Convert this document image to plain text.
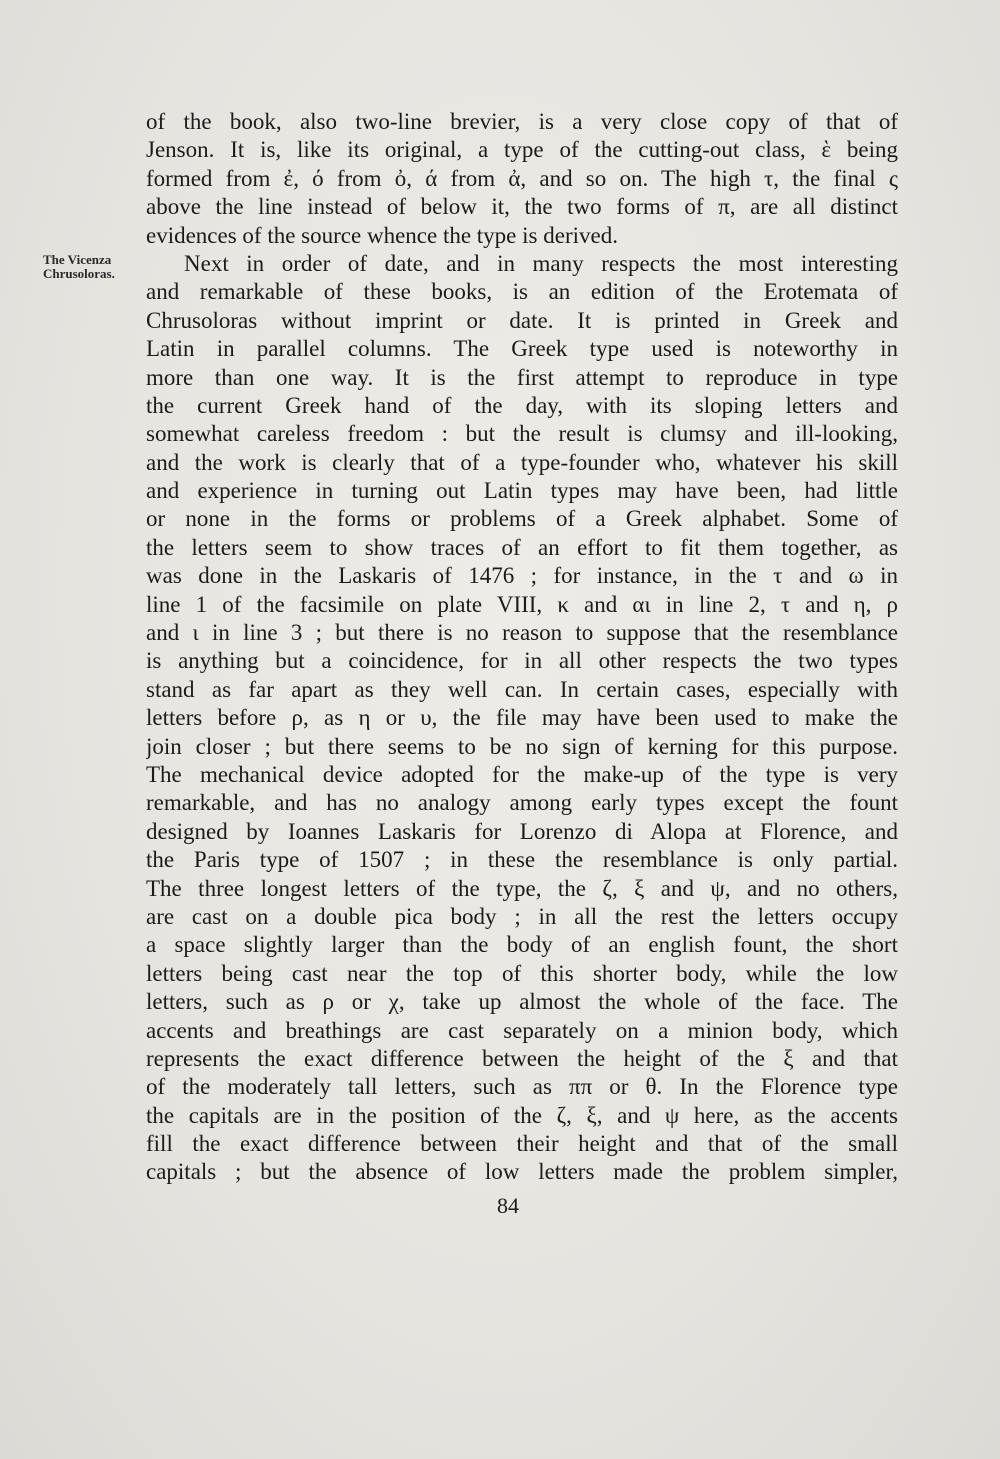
The Vicenza
Chrusoloras.
of the book, also two-line brevier, is a very close copy of that of
Jenson. It is, like its original, a type of the cutting-out class, ὲ being
formed from ἐ, ό from ὀ, ά from ἀ, and so on. The high τ, the final ς
above the line instead of below it, the two forms of π, are all distinct
evidences of the source whence the type is derived.
Next in order of date, and in many respects the most interesting
and remarkable of these books, is an edition of the Erotemata of
Chrusoloras without imprint or date. It is printed in Greek and
Latin in parallel columns. The Greek type used is noteworthy in
more than one way. It is the first attempt to reproduce in type
the current Greek hand of the day, with its sloping letters and
somewhat careless freedom : but the result is clumsy and ill-looking,
and the work is clearly that of a type-founder who, whatever his skill
and experience in turning out Latin types may have been, had little
or none in the forms or problems of a Greek alphabet. Some of
the letters seem to show traces of an effort to fit them together, as
was done in the Laskaris of 1476 ; for instance, in the τ and ω in
line 1 of the facsimile on plate VIII, κ and αι in line 2, τ and η, ρ
and ι in line 3 ; but there is no reason to suppose that the resemblance
is anything but a coincidence, for in all other respects the two types
stand as far apart as they well can. In certain cases, especially with
letters before ρ, as η or υ, the file may have been used to make the
join closer ; but there seems to be no sign of kerning for this purpose.
The mechanical device adopted for the make-up of the type is very
remarkable, and has no analogy among early types except the fount
designed by Ioannes Laskaris for Lorenzo di Alopa at Florence, and
the Paris type of 1507 ; in these the resemblance is only partial.
The three longest letters of the type, the ζ, ξ and ψ, and no others,
are cast on a double pica body ; in all the rest the letters occupy
a space slightly larger than the body of an english fount, the short
letters being cast near the top of this shorter body, while the low
letters, such as ρ or χ, take up almost the whole of the face. The
accents and breathings are cast separately on a minion body, which
represents the exact difference between the height of the ξ and that
of the moderately tall letters, such as ππ or θ. In the Florence type
the capitals are in the position of the ζ, ξ, and ψ here, as the accents
fill the exact difference between their height and that of the small
capitals ; but the absence of low letters made the problem simpler,
84
